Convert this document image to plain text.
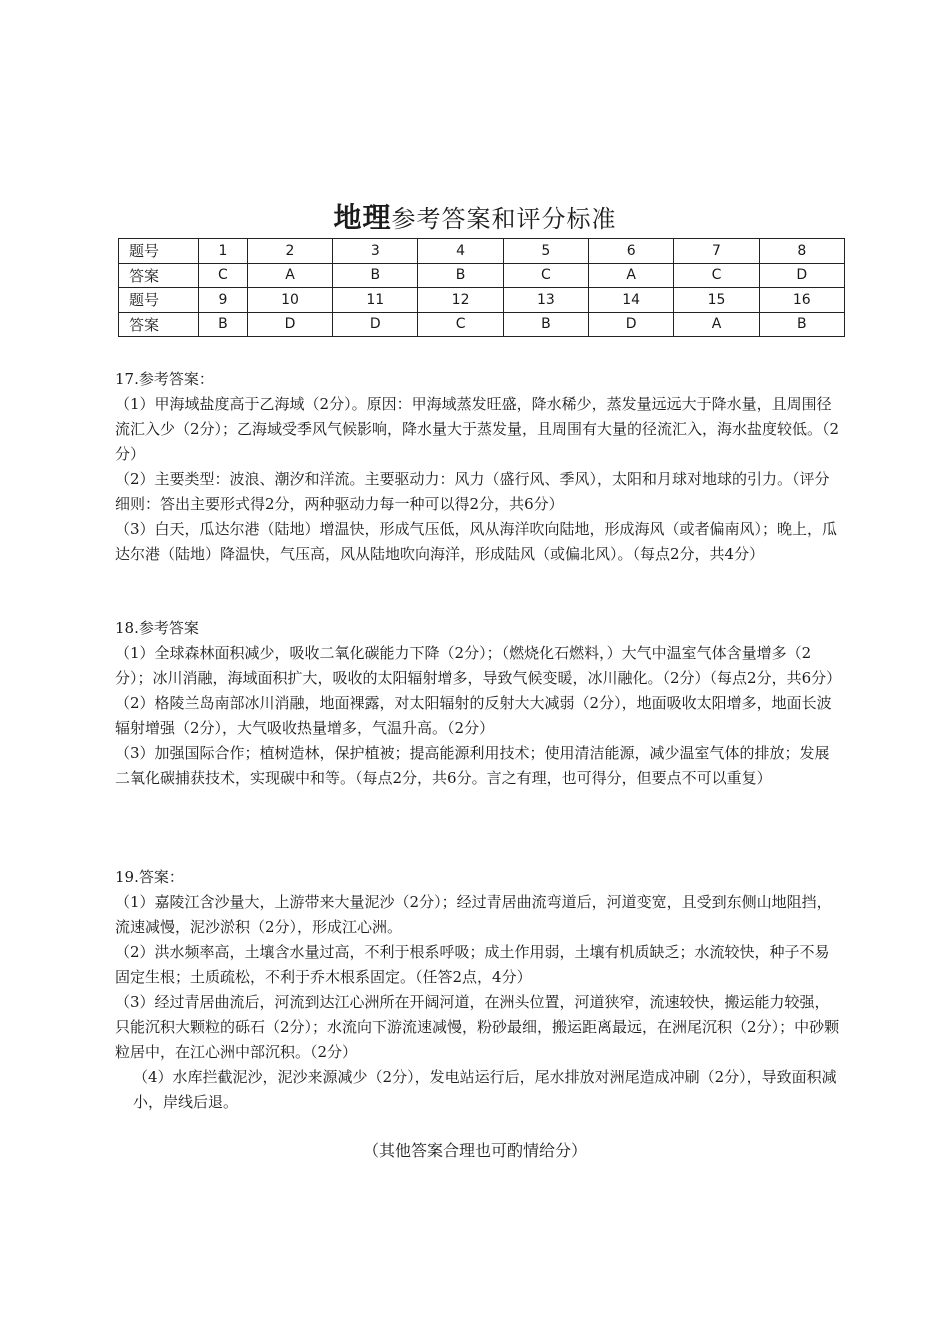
地理参考答案和评分标准
题号	1	2	3	4	5	6	7	8
答案	C	A	B	B	C	A	C	D
题号	9	10	11	12	13	14	15	16
答案	B	D	D	C	B	D	A	B

17.参考答案：

（1）甲海域盐度高于乙海域（2分）。原因：甲海域蒸发旺盛，降水稀少，蒸发量远远大于降水量，且周围径流汇入少（2分）；乙海域受季风气候影响，降水量大于蒸发量，且周围有大量的径流汇入，海水盐度较低。（2分）

（2）主要类型：波浪、潮汐和洋流。主要驱动力：风力（盛行风、季风），太阳和月球对地球的引力。（评分细则：答出主要形式得2分，两种驱动力每一种可以得2分，共6分）

（3）白天，瓜达尔港（陆地）增温快，形成气压低，风从海洋吹向陆地，形成海风（或者偏南风）；晚上，瓜达尔港（陆地）降温快，气压高，风从陆地吹向海洋，形成陆风（或偏北风）。（每点2分，共4分）

18.参考答案

（1）全球森林面积减少，吸收二氧化碳能力下降（2分）；（燃烧化石燃料，）大气中温室气体含量增多（2分）；冰川消融，海域面积扩大，吸收的太阳辐射增多，导致气候变暖，冰川融化。（2分）（每点2分，共6分）

（2）格陵兰岛南部冰川消融，地面裸露，对太阳辐射的反射大大减弱（2分），地面吸收太阳增多，地面长波辐射增强（2分），大气吸收热量增多，气温升高。（2分）

（3）加强国际合作；植树造林，保护植被；提高能源利用技术；使用清洁能源，减少温室气体的排放；发展二氧化碳捕获技术，实现碳中和等。（每点2分，共6分。言之有理，也可得分，但要点不可以重复）

19.答案：

（1）嘉陵江含沙量大，上游带来大量泥沙（2分）；经过青居曲流弯道后，河道变宽，且受到东侧山地阻挡，流速减慢，泥沙淤积（2分），形成江心洲。

（2）洪水频率高，土壤含水量过高，不利于根系呼吸；成土作用弱，土壤有机质缺乏；水流较快，种子不易固定生根；土质疏松，不利于乔木根系固定。（任答2点，4分）

（3）经过青居曲流后，河流到达江心洲所在开阔河道，在洲头位置，河道狭窄，流速较快，搬运能力较强，只能沉积大颗粒的砾石（2分）；水流向下游流速减慢，粉砂最细，搬运距离最远，在洲尾沉积（2分）；中砂颗粒居中，在江心洲中部沉积。（2分）

（4）水库拦截泥沙，泥沙来源减少（2分），发电站运行后，尾水排放对洲尾造成冲刷（2分），导致面积减小，岸线后退。

（其他答案合理也可酌情给分）
